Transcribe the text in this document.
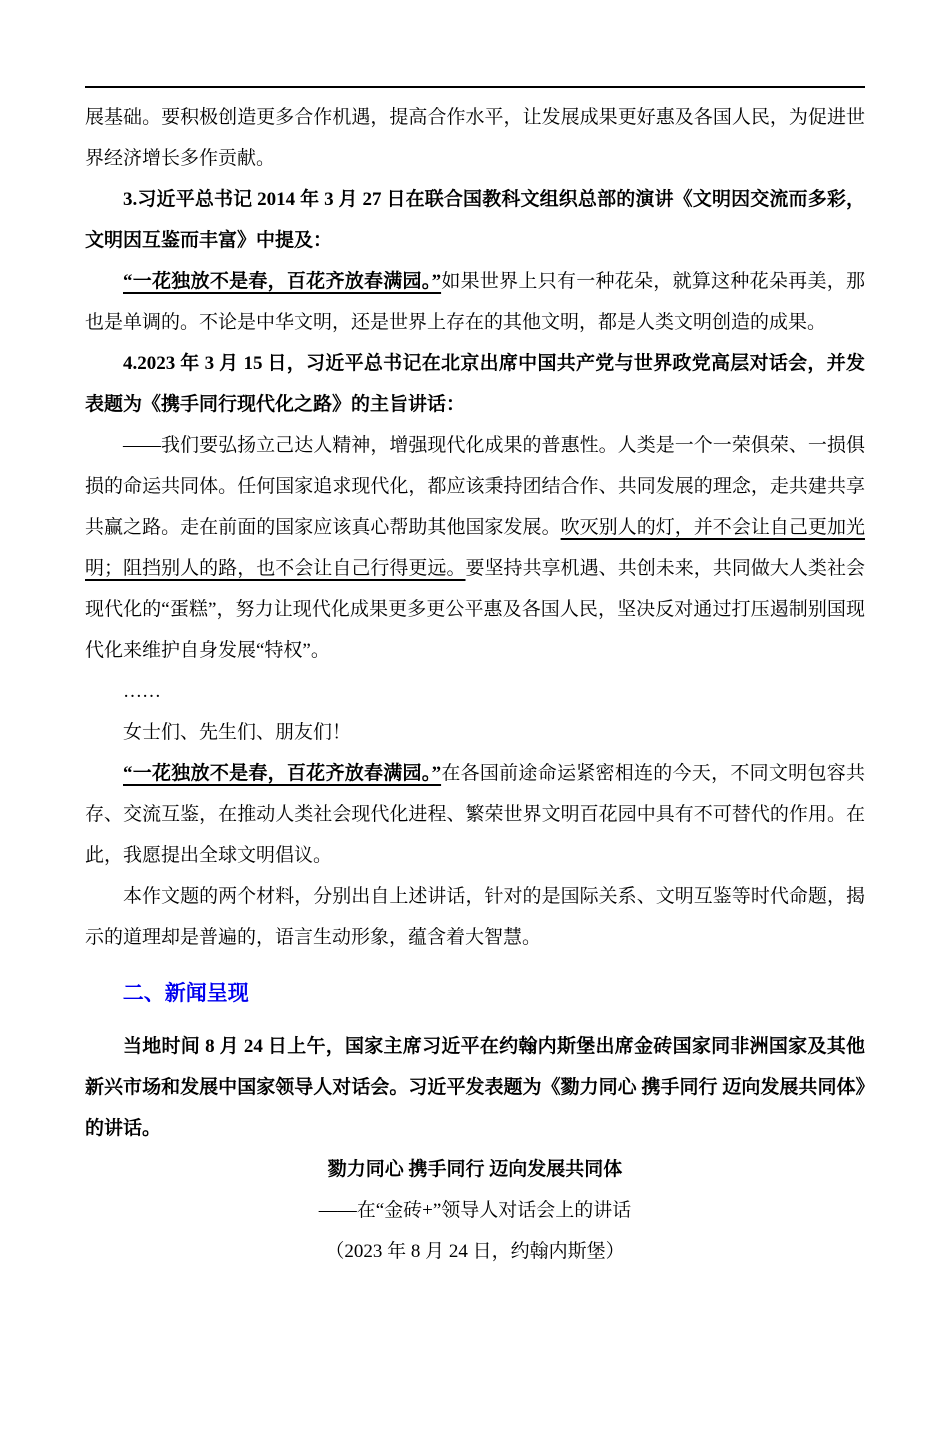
展基础。要积极创造更多合作机遇，提高合作水平，让发展成果更好惠及各国人民，为促进世界经济增长多作贡献。

3.习近平总书记 2014 年 3 月 27 日在联合国教科文组织总部的演讲《文明因交流而多彩，文明因互鉴而丰富》中提及：

“一花独放不是春，百花齐放春满园。”如果世界上只有一种花朵，就算这种花朵再美，那也是单调的。不论是中华文明，还是世界上存在的其他文明，都是人类文明创造的成果。

4.2023 年 3 月 15 日，习近平总书记在北京出席中国共产党与世界政党高层对话会，并发表题为《携手同行现代化之路》的主旨讲话：

——我们要弘扬立己达人精神，增强现代化成果的普惠性。人类是一个一荣俱荣、一损俱损的命运共同体。任何国家追求现代化，都应该秉持团结合作、共同发展的理念，走共建共享共赢之路。走在前面的国家应该真心帮助其他国家发展。吹灭别人的灯，并不会让自己更加光明；阻挡别人的路，也不会让自己行得更远。要坚持共享机遇、共创未来，共同做大人类社会现代化的“蛋糕”，努力让现代化成果更多更公平惠及各国人民，坚决反对通过打压遏制别国现代化来维护自身发展“特权”。

……

女士们、先生们、朋友们！

“一花独放不是春，百花齐放春满园。”在各国前途命运紧密相连的今天，不同文明包容共存、交流互鉴，在推动人类社会现代化进程、繁荣世界文明百花园中具有不可替代的作用。在此，我愿提出全球文明倡议。

本作文题的两个材料，分别出自上述讲话，针对的是国际关系、文明互鉴等时代命题，揭示的道理却是普遍的，语言生动形象，蕴含着大智慧。

二、新闻呈现

当地时间 8 月 24 日上午，国家主席习近平在约翰内斯堡出席金砖国家同非洲国家及其他新兴市场和发展中国家领导人对话会。习近平发表题为《勠力同心 携手同行 迈向发展共同体》的讲话。

勠力同心 携手同行 迈向发展共同体

——在“金砖+”领导人对话会上的讲话

（2023 年 8 月 24 日，约翰内斯堡）
